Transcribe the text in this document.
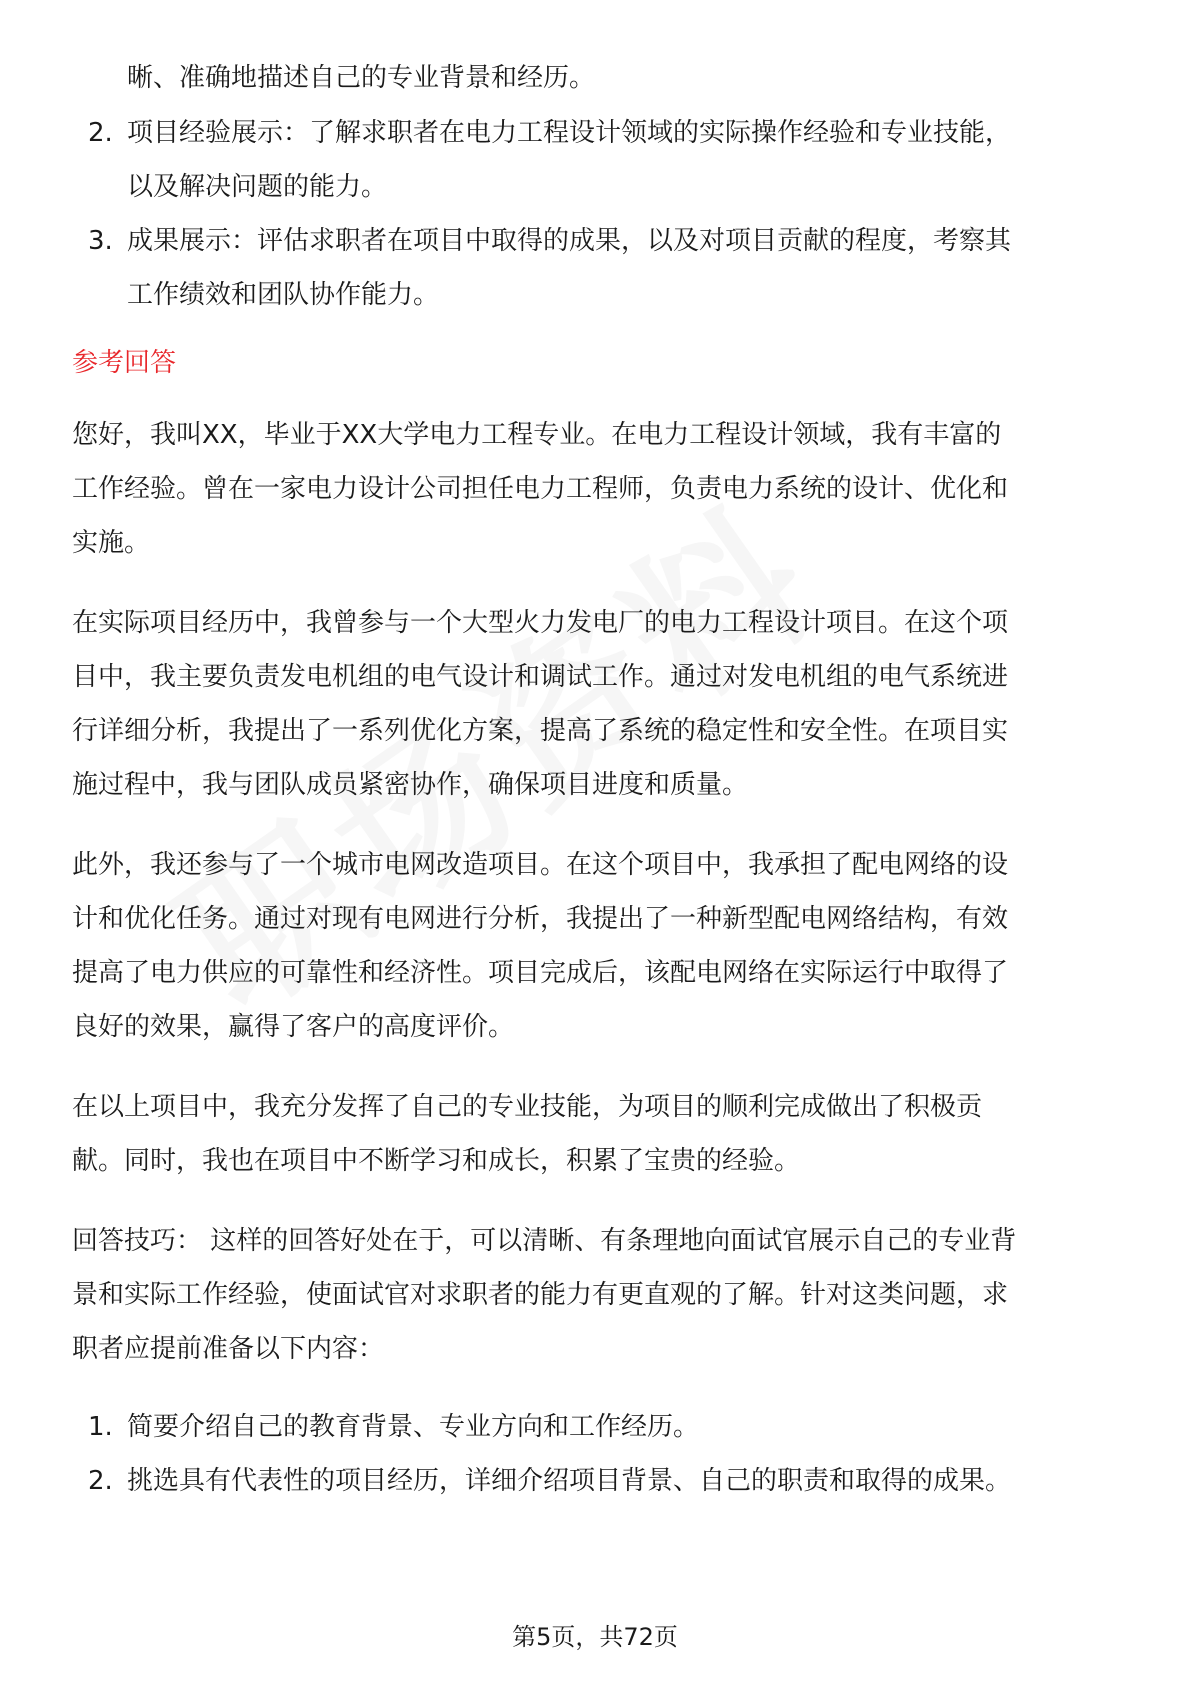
晰、准确地描述自己的专业背景和经历。
2. 项目经验展示：了解求职者在电力工程设计领域的实际操作经验和专业技能，
以及解决问题的能力。
3. 成果展示：评估求职者在项目中取得的成果，以及对项目贡献的程度，考察其
工作绩效和团队协作能力。
参考回答
您好，我叫XX，毕业于XX大学电力工程专业。在电力工程设计领域，我有丰富的
工作经验。曾在一家电力设计公司担任电力工程师，负责电力系统的设计、优化和
实施。
在实际项目经历中，我曾参与一个大型火力发电厂的电力工程设计项目。在这个项
目中，我主要负责发电机组的电气设计和调试工作。通过对发电机组的电气系统进
行详细分析，我提出了一系列优化方案，提高了系统的稳定性和安全性。在项目实
施过程中，我与团队成员紧密协作，确保项目进度和质量。
此外，我还参与了一个城市电网改造项目。在这个项目中，我承担了配电网络的设
计和优化任务。通过对现有电网进行分析，我提出了一种新型配电网络结构，有效
提高了电力供应的可靠性和经济性。项目完成后，该配电网络在实际运行中取得了
良好的效果，赢得了客户的高度评价。
在以上项目中，我充分发挥了自己的专业技能，为项目的顺利完成做出了积极贡
献。同时，我也在项目中不断学习和成长，积累了宝贵的经验。
回答技巧： 这样的回答好处在于，可以清晰、有条理地向面试官展示自己的专业背
景和实际工作经验，使面试官对求职者的能力有更直观的了解。针对这类问题，求
职者应提前准备以下内容：
1. 简要介绍自己的教育背景、专业方向和工作经历。
2. 挑选具有代表性的项目经历，详细介绍项目背景、自己的职责和取得的成果。
第5页，共72页
